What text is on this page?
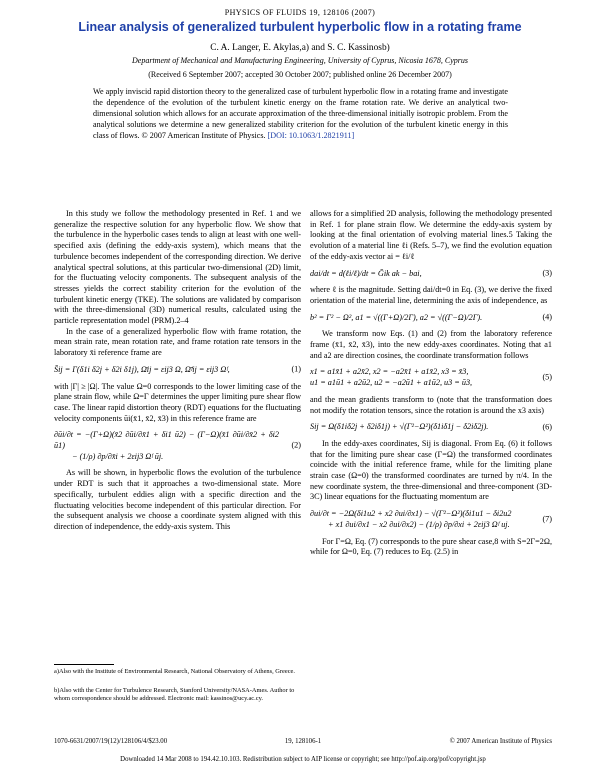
PHYSICS OF FLUIDS 19, 128106 (2007)
Linear analysis of generalized turbulent hyperbolic flow in a rotating frame
C. A. Langer, E. Akylas,a) and S. C. Kassinosb)
Department of Mechanical and Manufacturing Engineering, University of Cyprus, Nicosia 1678, Cyprus
(Received 6 September 2007; accepted 30 October 2007; published online 26 December 2007)
We apply inviscid rapid distortion theory to the generalized case of turbulent hyperbolic flow in a rotating frame and investigate the dependence of the evolution of the turbulent kinetic energy on the frame rotation rate. We derive an analytical two-dimensional solution which allows for an accurate approximation of the three-dimensional initially isotropic problem. From the analytical solutions we determine a new generalized stability criterion for the evolution of the turbulent kinetic energy in this class of flows. © 2007 American Institute of Physics. [DOI: 10.1063/1.2821911]

In this study we follow the methodology presented in Ref. 1 and we generalize the respective solution for any hyperbolic flow. We show that the turbulence in the hyperbolic cases tends to align at least with one well-specified axis (defining the eddy-axis system), which means that the turbulence becomes independent of the corresponding direction. We derive analytical spectral solutions, at this particular two-dimensional (2D) limit, for the fluctuating velocity components. The subsequent analysis of the stresses yields the correct stability criterion for the evolution of the turbulent kinetic energy (TKE). The solutions are validated by comparison with the three-dimensional (3D) numerical results, calculated using the particle representation model (PRM).2–4

In the case of a generalized hyperbolic flow with frame rotation, the mean strain rate, mean rotation rate, and frame rotation rate tensors in the laboratory x̄i reference frame are

S̄ij = Γ(δ1i δ2j + δ2i δ1j), Ω̄ij = εij3 Ω, Ω̄ᶠij = εij3 Ωᶠ,	(1)

with |Γ| ≥ |Ω|. The value Ω=0 corresponds to the lower limiting case of the plane strain flow, while Ω=Γ determines the upper limiting pure shear flow case. The linear rapid distortion theory (RDT) equations for the fluctuating velocity components ūi(x̄1, x̄2, x̄3) in this reference frame are

∂ūi/∂t = −(Γ+Ω)(x̄2 ∂ūi/∂x̄1 + δi1 ū2) − (Γ−Ω)(x̄1 ∂ūi/∂x̄2 + δi2 ū1)
− (1/ρ) ∂p/∂x̄i + 2εij3 Ωᶠ ūj.
(2)

As will be shown, in hyperbolic flows the evolution of the turbulence under RDT is such that it approaches a two-dimensional state. More specifically, turbulent eddies align with a specific direction and the fluctuating velocities become independent of this particular direction. For the subsequent analysis we choose a coordinate system aligned with this direction of independence, the eddy-axis system. This

allows for a simplified 2D analysis, following the methodology presented in Ref. 1 for plane strain flow. We determine the eddy-axis system by looking at the final orientation of evolving material lines.5 Taking the evolution of a material line ℓi (Refs. 5–7), we find the evolution equation of the eddy-axis vector ai = ℓi/ℓ

dai/dt = d(ℓi/ℓ)/dt = Ḡik ak − bai,	(3)

where ℓ is the magnitude. Setting dai/dt=0 in Eq. (3), we derive the fixed orientation of the material line, determining the axis of independence, as

b² = Γ² − Ω², a1 = √((Γ+Ω)/2Γ), a2 = √((Γ−Ω)/2Γ).	(4)

We transform now Eqs. (1) and (2) from the laboratory reference frame (x̄1, x̄2, x̄3), into the new eddy-axes coordinates. Noting that a1 and a2 are direction cosines, the coordinate transformation follows

x1 = a1x̄1 + a2x̄2, x2 = −a2x̄1 + a1x̄2, x3 = x̄3,
u1 = a1ū1 + a2ū2, u2 = −a2ū1 + a1ū2, u3 = ū3,
(5)

and the mean gradients transform to (note that the transformation does not modify the rotation tensors, since the rotation is around the x3 axis)

Sij = Ω(δ1iδ2j + δ2iδ1j) + √(Γ²−Ω²)(δ1iδ1j − δ2iδ2j).	(6)

In the eddy-axes coordinates, Sij is diagonal. From Eq. (6) it follows that for the limiting pure shear case (Γ=Ω) the transformed coordinates coincide with the initial reference frame, while for the limiting plane strain case (Ω=0) the transformed coordinates are turned by π/4. In the new coordinate system, the three-dimensional and three-component (3D-3C) linear equations for the fluctuating momentum are

∂ui/∂t = −2Ω(δi1u2 + x2 ∂ui/∂x1) − √(Γ²−Ω²)(δi1u1 − δi2u2
+ x1 ∂ui/∂x1 − x2 ∂ui/∂x2) − (1/ρ) ∂p/∂xi + 2εij3 Ωᶠ uj.
(7)

For Γ=Ω, Eq. (7) corresponds to the pure shear case,8 with S=2Γ=2Ω, while for Ω=0, Eq. (7) reduces to Eq. (2.5) in

a)Also with the Institute of Environmental Research, National Observatory of Athens, Greece.
b)Also with the Center for Turbulence Research, Stanford University/NASA-Ames. Author to whom correspondence should be addressed. Electronic mail: kassinos@ucy.ac.cy.
1070-6631/2007/19(12)/128106/4/$23.00	19, 128106-1	© 2007 American Institute of Physics
Downloaded 14 Mar 2008 to 194.42.10.103. Redistribution subject to AIP license or copyright; see http://pof.aip.org/pof/copyright.jsp
